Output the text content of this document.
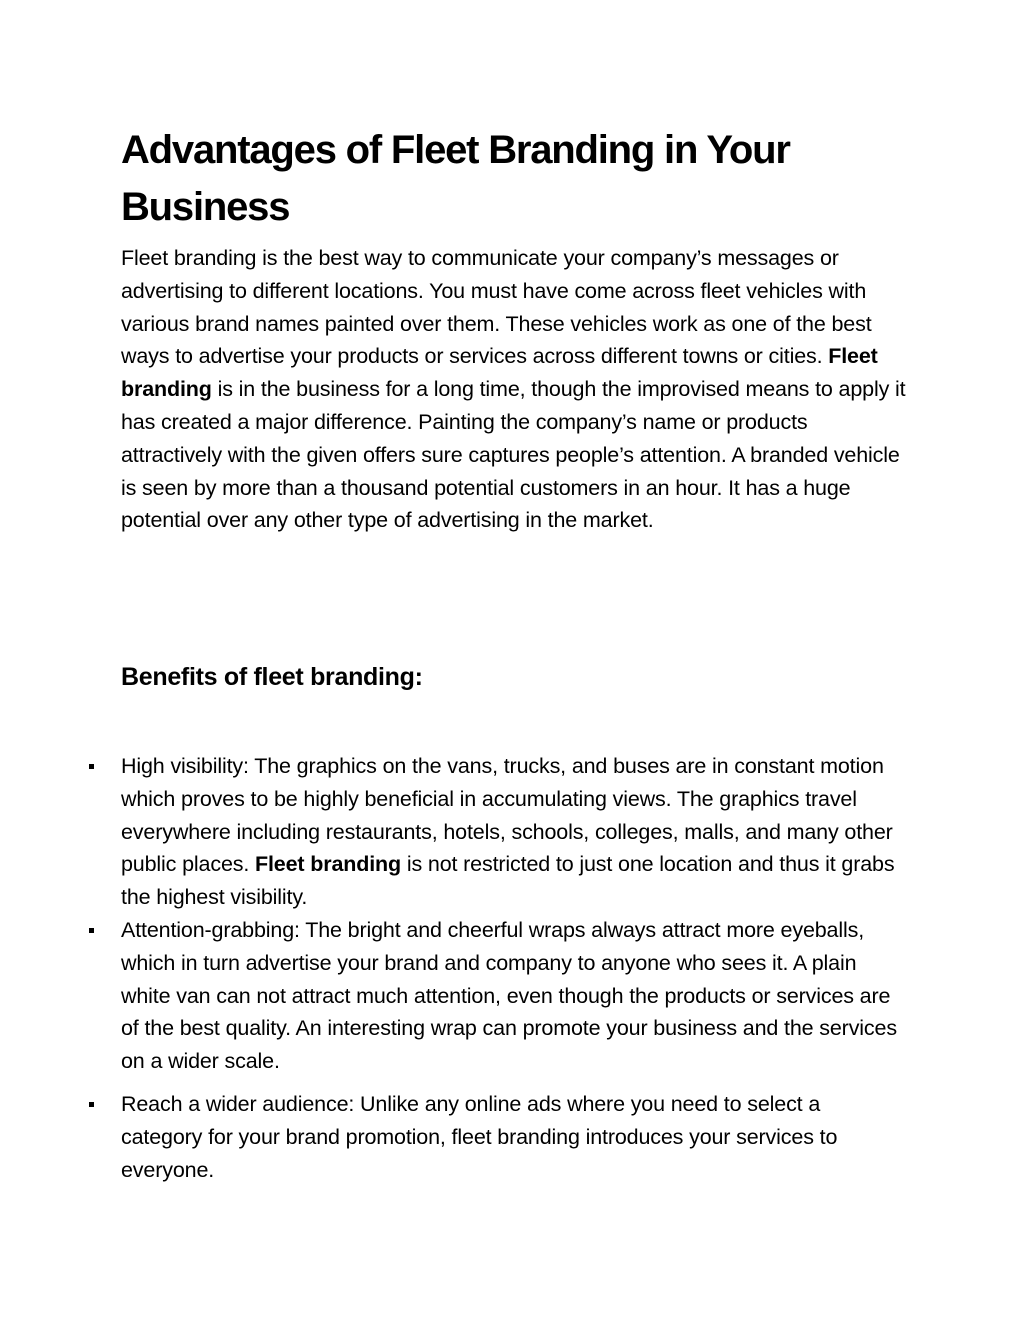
Advantages of Fleet Branding in Your Business

Fleet branding is the best way to communicate your company’s messages or advertising to different locations. You must have come across fleet vehicles with various brand names painted over them. These vehicles work as one of the best ways to advertise your products or services across different towns or cities. Fleet branding is in the business for a long time, though the improvised means to apply it has created a major difference. Painting the company’s name or products attractively with the given offers sure captures people’s attention. A branded vehicle is seen by more than a thousand potential customers in an hour. It has a huge potential over any other type of advertising in the market.

Benefits of fleet branding:
High visibility: The graphics on the vans, trucks, and buses are in constant motion which proves to be highly beneficial in accumulating views. The graphics travel everywhere including restaurants, hotels, schools, colleges, malls, and many other public places. Fleet branding is not restricted to just one location and thus it grabs the highest visibility.
Attention-grabbing: The bright and cheerful wraps always attract more eyeballs, which in turn advertise your brand and company to anyone who sees it. A plain white van can not attract much attention, even though the products or services are of the best quality. An interesting wrap can promote your business and the services on a wider scale.
Reach a wider audience: Unlike any online ads where you need to select a category for your brand promotion, fleet branding introduces your services to everyone.
